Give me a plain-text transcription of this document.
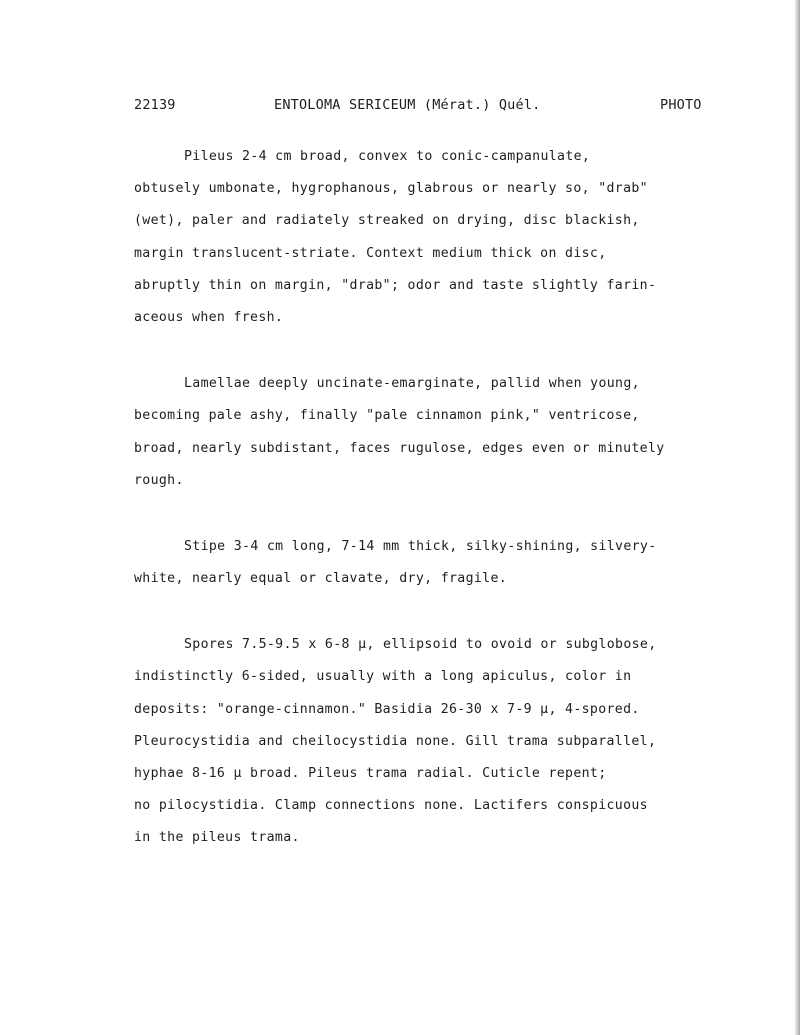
22139	ENTOLOMA SERICEUM (Mérat.) Quél.	PHOTO
Pileus 2-4 cm broad, convex to conic-campanulate,
obtusely umbonate, hygrophanous, glabrous or nearly so, "drab"
(wet), paler and radiately streaked on drying, disc blackish,
margin translucent-striate. Context medium thick on disc,
abruptly thin on margin, "drab"; odor and taste slightly farin-
aceous when fresh.
Lamellae deeply uncinate-emarginate, pallid when young,
becoming pale ashy, finally "pale cinnamon pink," ventricose,
broad, nearly subdistant, faces rugulose, edges even or minutely
rough.
Stipe 3-4 cm long, 7-14 mm thick, silky-shining, silvery-
white, nearly equal or clavate, dry, fragile.
Spores 7.5-9.5 x 6-8 μ, ellipsoid to ovoid or subglobose,
indistinctly 6-sided, usually with a long apiculus, color in
deposits: "orange-cinnamon." Basidia 26-30 x 7-9 μ, 4-spored.
Pleurocystidia and cheilocystidia none. Gill trama subparallel,
hyphae 8-16 μ broad. Pileus trama radial. Cuticle repent;
no pilocystidia. Clamp connections none. Lactifers conspicuous
in the pileus trama.
